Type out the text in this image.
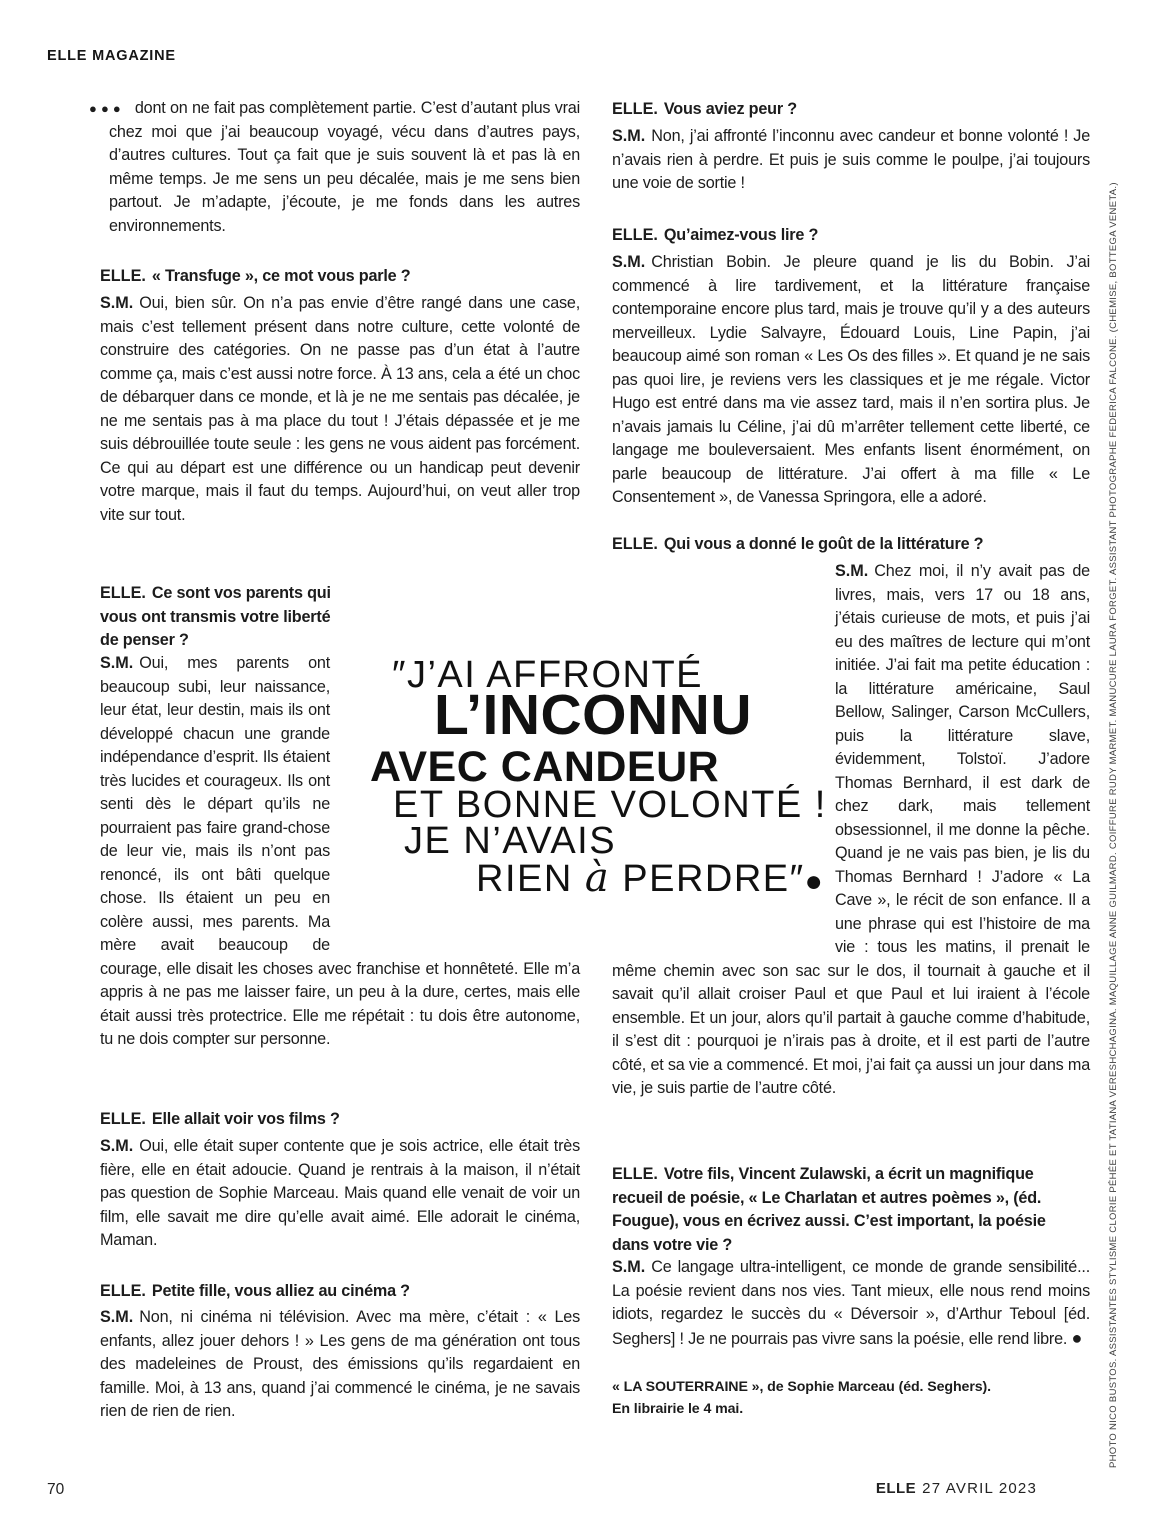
ELLE MAGAZINE

●●● dont on ne fait pas complètement partie. C’est d’autant plus vrai chez moi que j’ai beaucoup voyagé, vécu dans d’autres pays, d’autres cultures. Tout ça fait que je suis souvent là et pas là en même temps. Je me sens un peu décalée, mais je me sens bien partout. Je m’adapte, j’écoute, je me fonds dans les autres environnements.

ELLE. « Transfuge », ce mot vous parle ?

S.M. Oui, bien sûr. On n’a pas envie d’être rangé dans une case, mais c’est tellement présent dans notre culture, cette volonté de construire des catégories. On ne passe pas d’un état à l’autre comme ça, mais c’est aussi notre force. À 13 ans, cela a été un choc de débarquer dans ce monde, et là je ne me sentais pas décalée, je ne me sentais pas à ma place du tout ! J’étais dépassée et je me suis débrouillée toute seule : les gens ne vous aident pas forcément. Ce qui au départ est une différence ou un handicap peut devenir votre marque, mais il faut du temps. Aujourd’hui, on veut aller trop vite sur tout.

ELLE. Ce sont vos parents qui vous ont transmis votre liberté de penser ?

S.M. Oui, mes parents ont beaucoup subi, leur naissance, leur état, leur destin, mais ils ont développé chacun une grande indépendance d’esprit. Ils étaient très lucides et courageux. Ils ont senti dès le départ qu’ils ne pourraient pas faire grand-chose de leur vie, mais ils n’ont pas renoncé, ils ont bâti quelque chose. Ils étaient un peu en colère aussi, mes parents. Ma mère avait beaucoup de courage, elle disait les choses avec franchise et honnêteté. Elle m’a appris à ne pas me laisser faire, un peu à la dure, certes, mais elle était aussi très protectrice. Elle me répétait : tu dois être autonome, tu ne dois compter sur personne.

ELLE. Elle allait voir vos films ?

S.M. Oui, elle était super contente que je sois actrice, elle était très fière, elle en était adoucie. Quand je rentrais à la maison, il n’était pas question de Sophie Marceau. Mais quand elle venait de voir un film, elle savait me dire qu’elle avait aimé. Elle adorait le cinéma, Maman.

ELLE. Petite fille, vous alliez au cinéma ?

S.M. Non, ni cinéma ni télévision. Avec ma mère, c’était : « Les enfants, allez jouer dehors ! » Les gens de ma génération ont tous des madeleines de Proust, des émissions qu’ils regardaient en famille. Moi, à 13 ans, quand j’ai commencé le cinéma, je ne savais rien de rien de rien.

ELLE. Vous aviez peur ?

S.M. Non, j’ai affronté l’inconnu avec candeur et bonne volonté ! Je n’avais rien à perdre. Et puis je suis comme le poulpe, j’ai toujours une voie de sortie !

ELLE. Qu’aimez-vous lire ?

S.M. Christian Bobin. Je pleure quand je lis du Bobin. J’ai commencé à lire tardivement, et la littérature française contemporaine encore plus tard, mais je trouve qu’il y a des auteurs merveilleux. Lydie Salvayre, Édouard Louis, Line Papin, j’ai beaucoup aimé son roman « Les Os des filles ». Et quand je ne sais pas quoi lire, je reviens vers les classiques et je me régale. Victor Hugo est entré dans ma vie assez tard, mais il n’en sortira plus. Je n’avais jamais lu Céline, j’ai dû m’arrêter tellement cette liberté, ce langage me bouleversaient. Mes enfants lisent énormément, on parle beaucoup de littérature. J’ai offert à ma fille « Le Consentement », de Vanessa Springora, elle a adoré.

ELLE. Qui vous a donné le goût de la littérature ?

S.M. Chez moi, il n’y avait pas de livres, mais, vers 17 ou 18 ans, j’étais curieuse de mots, et puis j’ai eu des maîtres de lecture qui m’ont initiée. J’ai fait ma petite éducation : la littérature américaine, Saul Bellow, Salinger, Carson McCullers, puis la littérature slave, évidemment, Tolstoï. J’adore Thomas Bernhard, il est dark de chez dark, mais tellement obsessionnel, il me donne la pêche. Quand je ne vais pas bien, je lis du Thomas Bernhard ! J’adore « La Cave », le récit de son enfance. Il a une phrase qui est l’histoire de ma vie : tous les matins, il prenait le même chemin avec son sac sur le dos, il tournait à gauche et il savait qu’il allait croiser Paul et que Paul et lui iraient à l’école ensemble. Et un jour, alors qu’il partait à gauche comme d’habitude, il s’est dit : pourquoi je n’irais pas à droite, et il est parti de l’autre côté, et sa vie a commencé. Et moi, j’ai fait ça aussi un jour dans ma vie, je suis partie de l’autre côté.

ELLE. Votre fils, Vincent Zulawski, a écrit un magnifique recueil de poésie, « Le Charlatan et autres poèmes », (éd. Fougue), vous en écrivez aussi. C’est important, la poésie dans votre vie ?

S.M. Ce langage ultra-intelligent, ce monde de grande sensibilité... La poésie revient dans nos vies. Tant mieux, elle nous rend moins idiots, regardez le succès du « Déversoir », d’Arthur Teboul [éd. Seghers] ! Je ne pourrais pas vivre sans la poésie, elle rend libre. ●

« LA SOUTERRAINE », de Sophie Marceau (éd. Seghers).
En librairie le 4 mai.
″J’AI AFFRONTÉ
L’INCONNU
AVEC CANDEUR
ET BONNE VOLONTÉ !
JE N’AVAIS
RIEN à PERDRE″●	PHOTO NICO BUSTOS. ASSISTANTES STYLISME CLORIE PÉHÉE ET TATIANA VERESHCHAGINA. MAQUILLAGE ANNE GUILMARD. COIFFURE RUDY MARMET. MANUCURE LAURA FORGET. ASSISTANT PHOTOGRAPHE FEDERICA FALCONE. (CHEMISE, BOTTEGA VENETA.)
70	ELLE 27 AVRIL 2023
